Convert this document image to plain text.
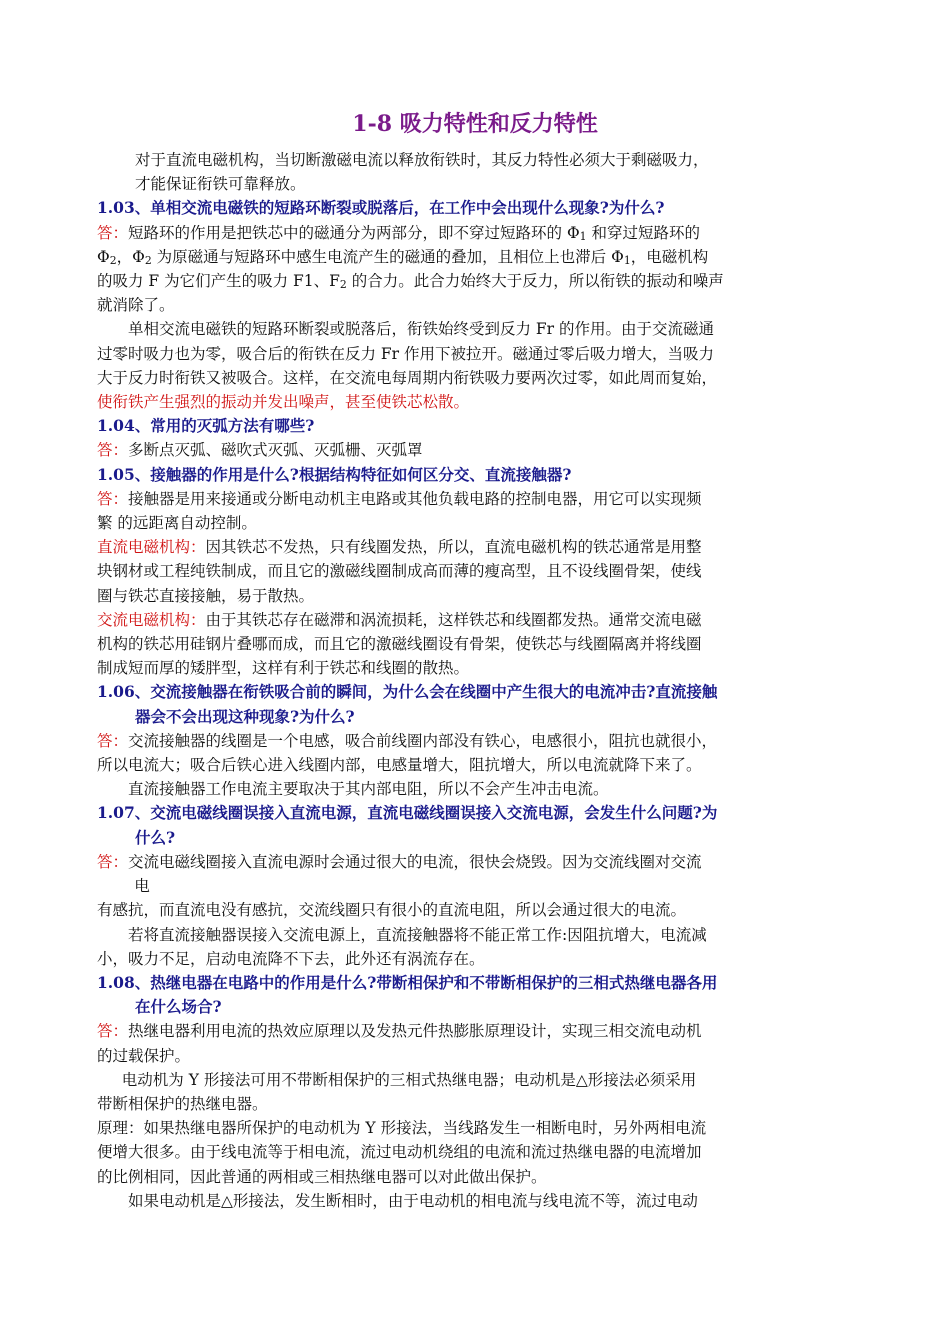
1-8 吸力特性和反力特性

对于直流电磁机构，当切断激磁电流以释放衔铁时，其反力特性必须大于剩磁吸力，

才能保证衔铁可靠释放。

1.03、单相交流电磁铁的短路环断裂或脱落后，在工作中会出现什么现象?为什么?

答：短路环的作用是把铁芯中的磁通分为两部分，即不穿过短路环的 $\Phi_1$ 和穿过短路环的

$\Phi_2$，$\Phi_2$ 为原磁通与短路环中感生电流产生的磁通的叠加，且相位上也滞后 $\Phi_1$，电磁机构

的吸力 F 为它们产生的吸力 F1、$F_2$ 的合力。此合力始终大于反力，所以衔铁的振动和噪声

就消除了。

单相交流电磁铁的短路环断裂或脱落后，衔铁始终受到反力 Fr 的作用。由于交流磁通

过零时吸力也为零，吸合后的衔铁在反力 Fr 作用下被拉开。磁通过零后吸力增大，当吸力

大于反力时衔铁又被吸合。这样，在交流电每周期内衔铁吸力要两次过零，如此周而复始，

使衔铁产生强烈的振动并发出噪声，甚至使铁芯松散。

1.04、常用的灭弧方法有哪些?

答：多断点灭弧、磁吹式灭弧、灭弧栅、灭弧罩

1.05、接触器的作用是什么?根据结构特征如何区分交、直流接触器?

答：接触器是用来接通或分断电动机主电路或其他负载电路的控制电器，用它可以实现频

繁 的远距离自动控制。

直流电磁机构：因其铁芯不发热，只有线圈发热，所以，直流电磁机构的铁芯通常是用整

块钢材或工程纯铁制成，而且它的激磁线圈制成高而薄的瘦高型，且不设线圈骨架，使线

圈与铁芯直接接触，易于散热。

交流电磁机构：由于其铁芯存在磁滞和涡流损耗，这样铁芯和线圈都发热。通常交流电磁

机构的铁芯用硅钢片叠哪而成，而且它的激磁线圈设有骨架，使铁芯与线圈隔离并将线圈

制成短而厚的矮胖型，这样有利于铁芯和线圈的散热。

1.06、交流接触器在衔铁吸合前的瞬间，为什么会在线圈中产生很大的电流冲击?直流接触

器会不会出现这种现象?为什么?

答：交流接触器的线圈是一个电感，吸合前线圈内部没有铁心，电感很小，阻抗也就很小，

所以电流大；吸合后铁心进入线圈内部，电感量增大，阻抗增大，所以电流就降下来了。

直流接触器工作电流主要取决于其内部电阻，所以不会产生冲击电流。

1.07、交流电磁线圈误接入直流电源，直流电磁线圈误接入交流电源，会发生什么问题?为

什么?

答：交流电磁线圈接入直流电源时会通过很大的电流，很快会烧毁。因为交流线圈对交流

电

有感抗，而直流电没有感抗，交流线圈只有很小的直流电阻，所以会通过很大的电流。

若将直流接触器误接入交流电源上，直流接触器将不能正常工作:因阻抗增大，电流减

小，吸力不足，启动电流降不下去，此外还有涡流存在。

1.08、热继电器在电路中的作用是什么?带断相保护和不带断相保护的三相式热继电器各用

在什么场合?

答：热继电器利用电流的热效应原理以及发热元件热膨胀原理设计，实现三相交流电动机

的过载保护。

电动机为 Y 形接法可用不带断相保护的三相式热继电器；电动机是△形接法必须采用

带断相保护的热继电器。

原理：如果热继电器所保护的电动机为 Y 形接法，当线路发生一相断电时，另外两相电流

便增大很多。由于线电流等于相电流，流过电动机绕组的电流和流过热继电器的电流增加

的比例相同，因此普通的两相或三相热继电器可以对此做出保护。

如果电动机是△形接法，发生断相时，由于电动机的相电流与线电流不等，流过电动
